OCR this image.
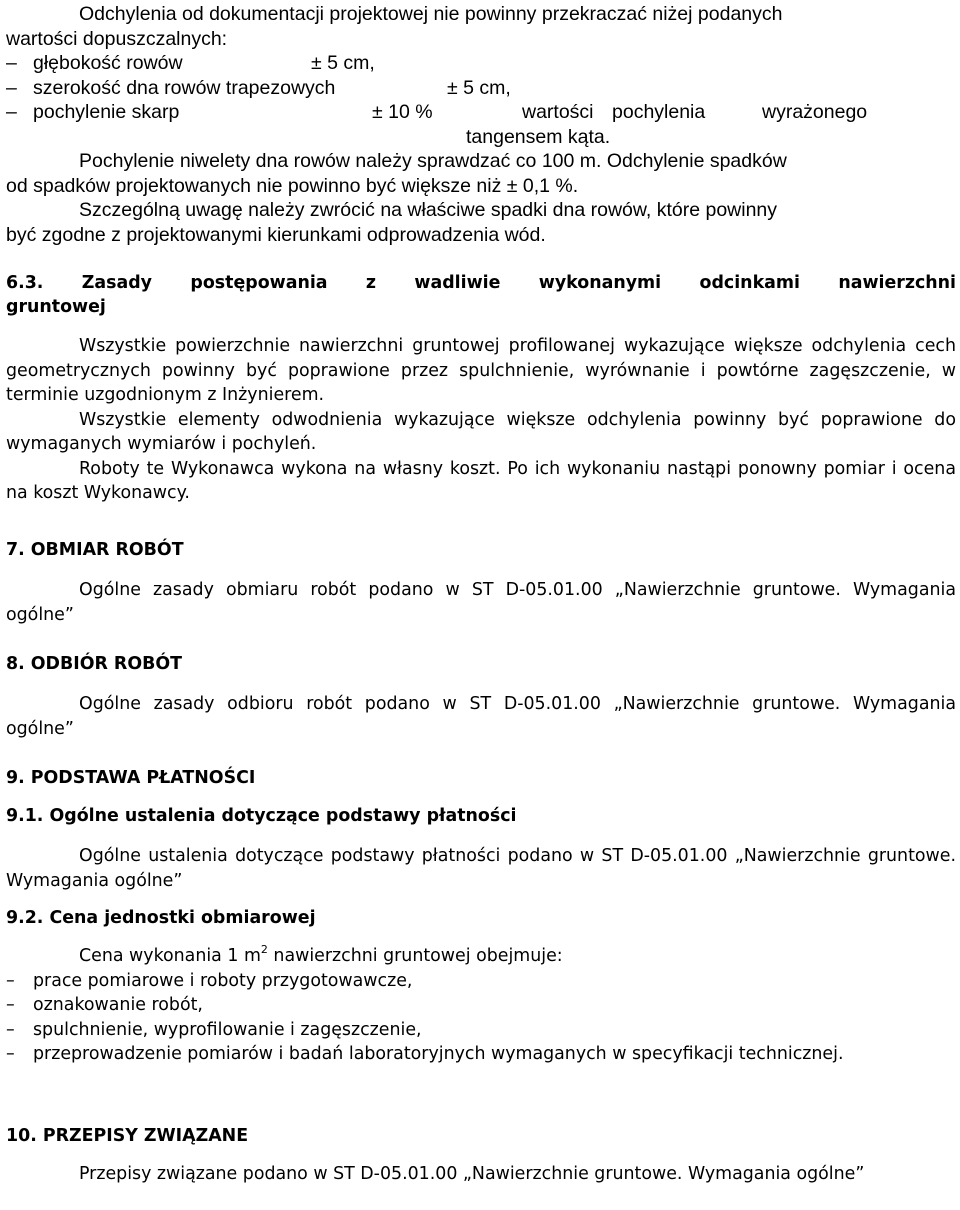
Odchylenia od dokumentacji projektowej nie powinny przekraczać niżej podanych

wartości dopuszczalnych:

– głębokość rowów	± 5 cm,
– szerokość dna rowów trapezowych	± 5 cm,
– pochylenie skarp	± 10 %	wartości pochylenia	wyrażonego

tangensem kąta.

Pochylenie niwelety dna rowów należy sprawdzać co 100 m. Odchylenie spadków

od spadków projektowanych nie powinno być większe niż ± 0,1 %.

Szczególną uwagę należy zwrócić na właściwe spadki dna rowów, które powinny

być zgodne z projektowanymi kierunkami odprowadzenia wód.

6.3. Zasady postępowania z wadliwie wykonanymi odcinkami nawierzchni

gruntowej

Wszystkie powierzchnie nawierzchni gruntowej profilowanej wykazujące większe odchylenia cech geometrycznych powinny być poprawione przez spulchnienie, wyrównanie i powtórne zagęszczenie, w terminie uzgodnionym z Inżynierem.

Wszystkie elementy odwodnienia wykazujące większe odchylenia powinny być poprawione do wymaganych wymiarów i pochyleń.

Roboty te Wykonawca wykona na własny koszt. Po ich wykonaniu nastąpi ponowny pomiar i ocena na koszt Wykonawcy.

7. OBMIAR ROBÓT

Ogólne zasady obmiaru robót podano w ST D-05.01.00 „Nawierzchnie gruntowe. Wymagania ogólne”

8. ODBIÓR ROBÓT

Ogólne zasady odbioru robót podano w ST D-05.01.00 „Nawierzchnie gruntowe. Wymagania ogólne”

9. PODSTAWA PŁATNOŚCI
9.1. Ogólne ustalenia dotyczące podstawy płatności

Ogólne ustalenia dotyczące podstawy płatności podano w ST D-05.01.00 „Nawierzchnie gruntowe. Wymagania ogólne”

9.2. Cena jednostki obmiarowej

Cena wykonania 1 $m^2$ nawierzchni gruntowej obejmuje:

– prace pomiarowe i roboty przygotowawcze,
– oznakowanie robót,
– spulchnienie, wyprofilowanie i zagęszczenie,
– przeprowadzenie pomiarów i badań laboratoryjnych wymaganych w specyfikacji technicznej.
10. PRZEPISY ZWIĄZANE

Przepisy związane podano w ST D-05.01.00 „Nawierzchnie gruntowe. Wymagania ogólne”
